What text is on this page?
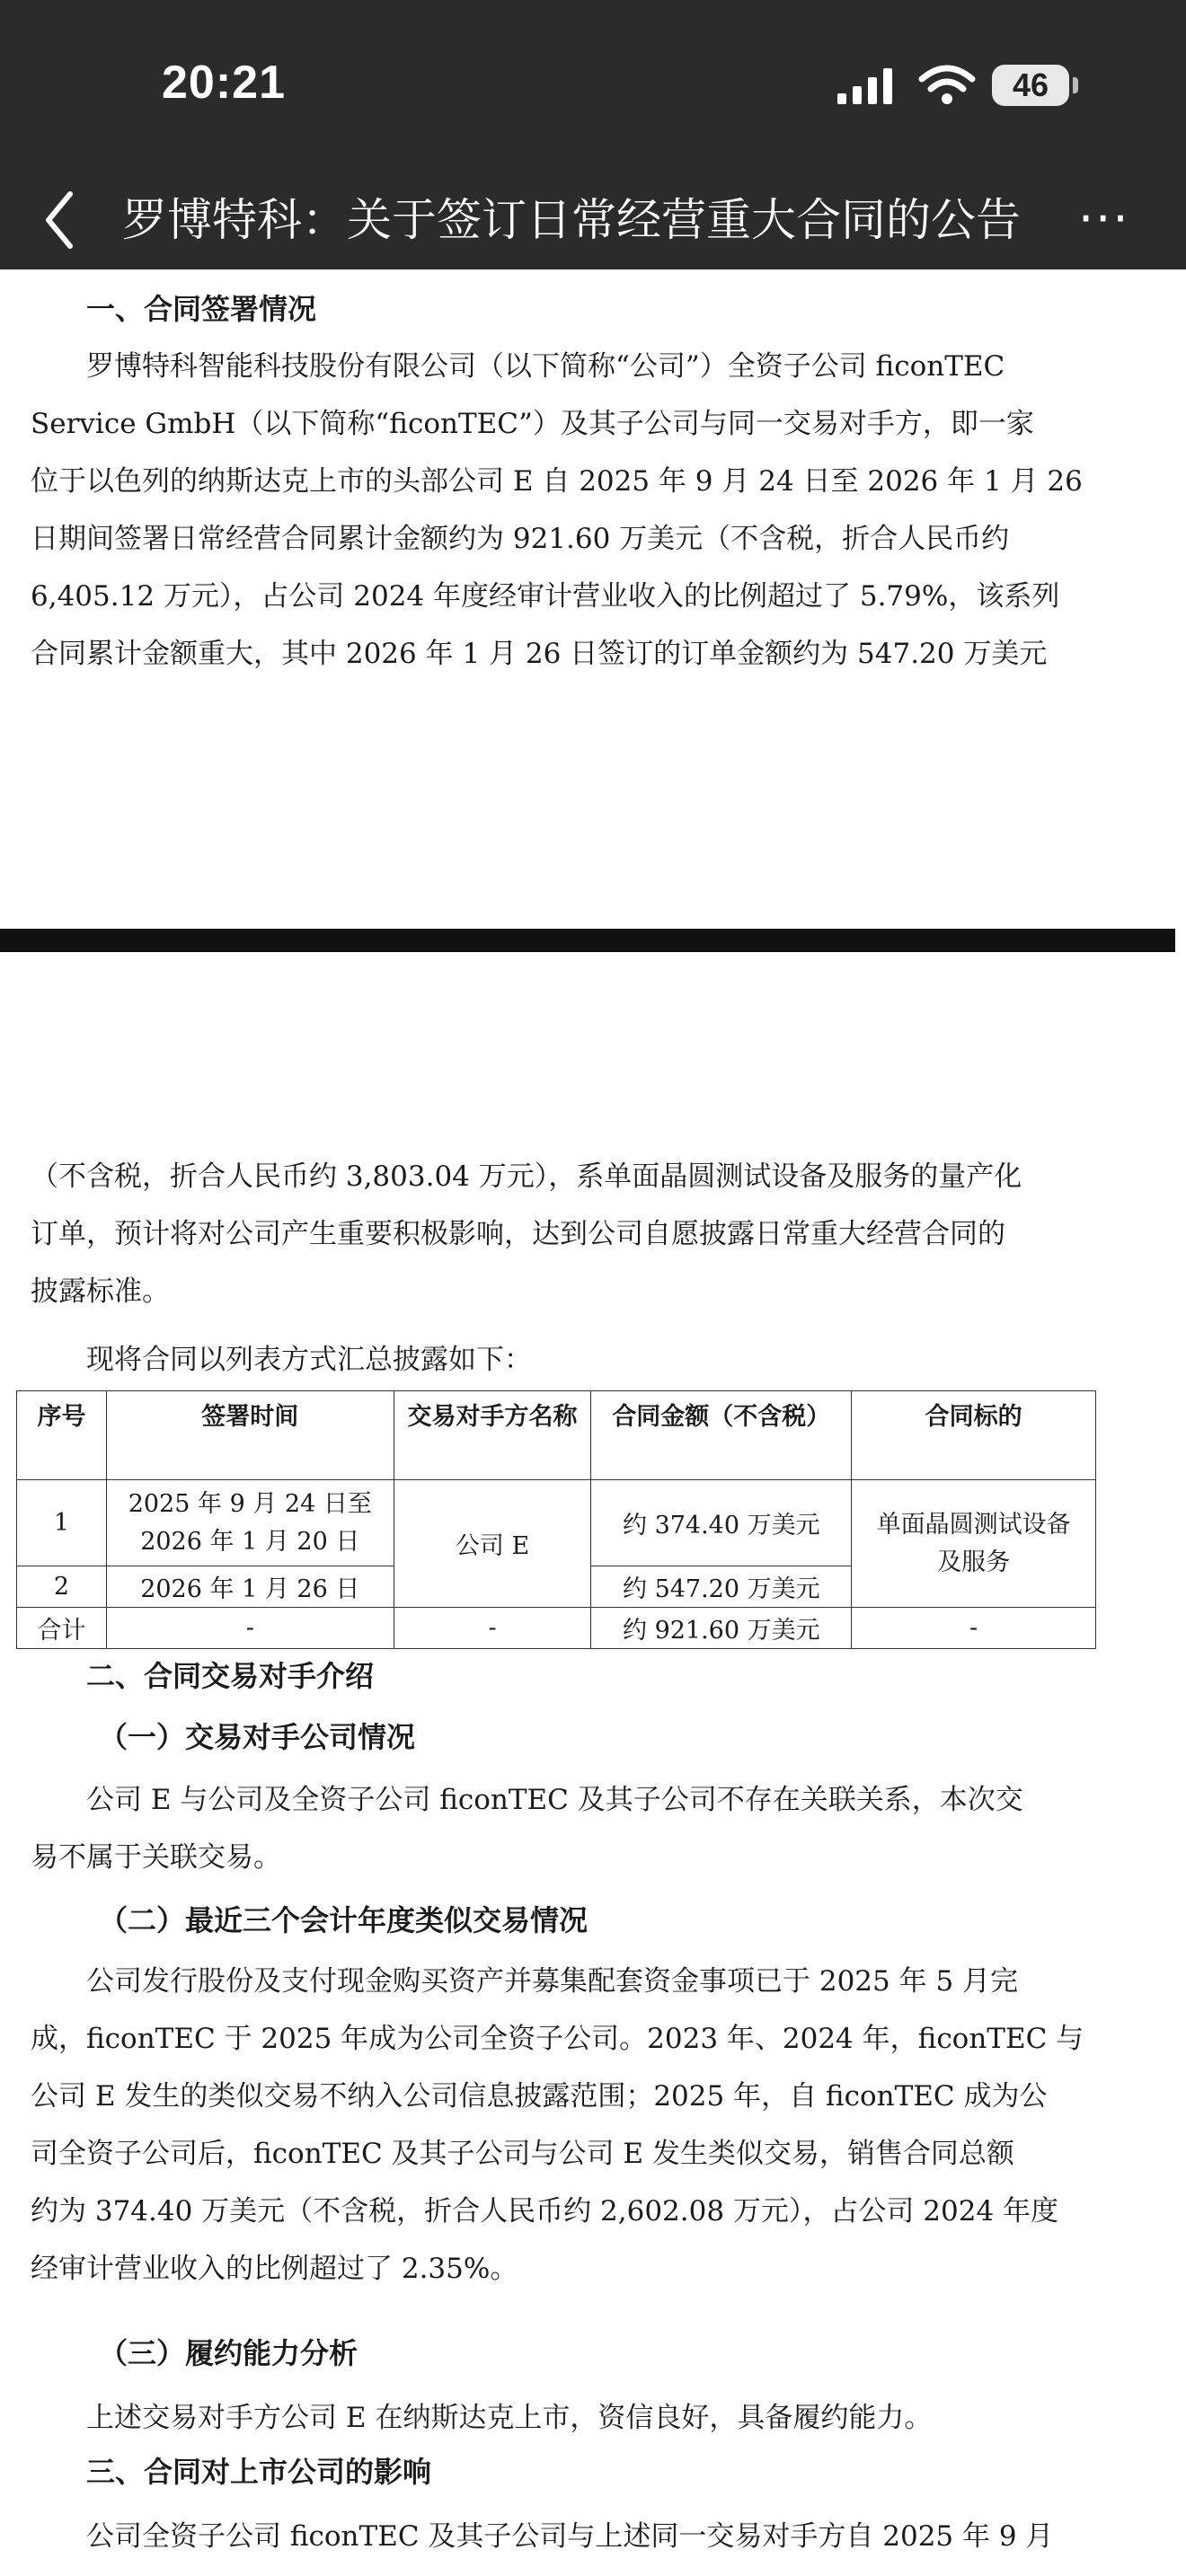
20:21	46
罗博特科：关于签订日常经营重大合同的公告	···
一、合同签署情况
罗博特科智能科技股份有限公司（以下简称“公司”）全资子公司 ficonTEC
Service GmbH（以下简称“ficonTEC”）及其子公司与同一交易对手方，即一家
位于以色列的纳斯达克上市的头部公司 E 自 2025 年 9 月 24 日至 2026 年 1 月 26
日期间签署日常经营合同累计金额约为 921.60 万美元（不含税，折合人民币约
6,405.12 万元），占公司 2024 年度经审计营业收入的比例超过了 5.79%，该系列
合同累计金额重大，其中 2026 年 1 月 26 日签订的订单金额约为 547.20 万美元
（不含税，折合人民币约 3,803.04 万元），系单面晶圆测试设备及服务的量产化
订单，预计将对公司产生重要积极影响，达到公司自愿披露日常重大经营合同的
披露标准。
现将合同以列表方式汇总披露如下：
序号	签署时间	交易对手方名称	合同金额（不含税）	合同标的
1	2025 年 9 月 24 日至 2026 年 1 月 20 日	公司 E	约 374.40 万美元	单面晶圆测试设备及服务
2	2026 年 1 月 26 日		约 547.20 万美元	
合计	-	-	约 921.60 万美元	-
二、合同交易对手介绍
（一）交易对手公司情况
公司 E 与公司及全资子公司 ficonTEC 及其子公司不存在关联关系，本次交
易不属于关联交易。
（二）最近三个会计年度类似交易情况
公司发行股份及支付现金购买资产并募集配套资金事项已于 2025 年 5 月完
成，ficonTEC 于 2025 年成为公司全资子公司。2023 年、2024 年，ficonTEC 与
公司 E 发生的类似交易不纳入公司信息披露范围；2025 年，自 ficonTEC 成为公
司全资子公司后，ficonTEC 及其子公司与公司 E 发生类似交易，销售合同总额
约为 374.40 万美元（不含税，折合人民币约 2,602.08 万元），占公司 2024 年度
经审计营业收入的比例超过了 2.35%。
（三）履约能力分析
上述交易对手方公司 E 在纳斯达克上市，资信良好，具备履约能力。
三、合同对上市公司的影响
公司全资子公司 ficonTEC 及其子公司与上述同一交易对手方自 2025 年 9 月
